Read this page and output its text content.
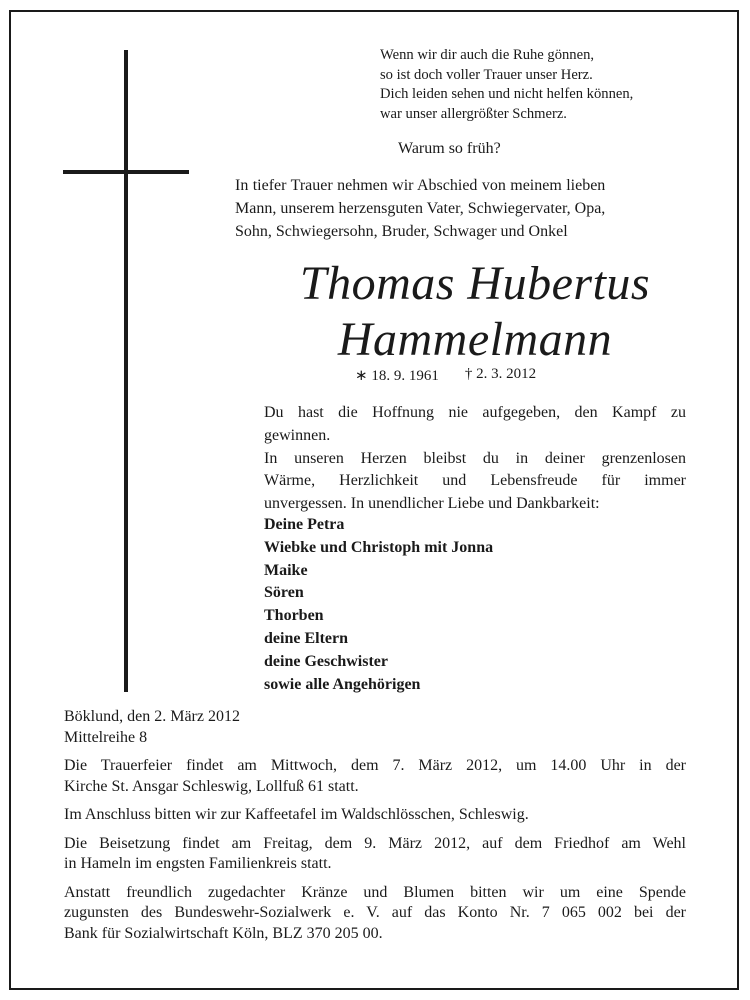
Wenn wir dir auch die Ruhe gönnen,
so ist doch voller Trauer unser Herz.
Dich leiden sehen und nicht helfen können,
war unser allergrößter Schmerz.
Warum so früh?
In tiefer Trauer nehmen wir Abschied von meinem lieben
Mann, unserem herzensguten Vater, Schwiegervater, Opa,
Sohn, Schwiegersohn, Bruder, Schwager und Onkel
Thomas Hubertus
Hammelmann
∗ 18. 9. 1961 † 2. 3. 2012
Du hast die Hoffnung nie aufgegeben, den Kampf zu
gewinnen.
In unseren Herzen bleibst du in deiner grenzenlosen
Wärme, Herzlichkeit und Lebensfreude für immer
unvergessen. In unendlicher Liebe und Dankbarkeit:
Deine Petra
Wiebke und Christoph mit Jonna
Maike
Sören
Thorben
deine Eltern
deine Geschwister
sowie alle Angehörigen
Böklund, den 2. März 2012
Mittelreihe 8
Die Trauerfeier findet am Mittwoch, dem 7. März 2012, um 14.00 Uhr in der
Kirche St. Ansgar Schleswig, Lollfuß 61 statt.
Im Anschluss bitten wir zur Kaffeetafel im Waldschlösschen, Schleswig.
Die Beisetzung findet am Freitag, dem 9. März 2012, auf dem Friedhof am Wehl
in Hameln im engsten Familienkreis statt.
Anstatt freundlich zugedachter Kränze und Blumen bitten wir um eine Spende
zugunsten des Bundeswehr-Sozialwerk e. V. auf das Konto Nr. 7 065 002 bei der
Bank für Sozialwirtschaft Köln, BLZ 370 205 00.
